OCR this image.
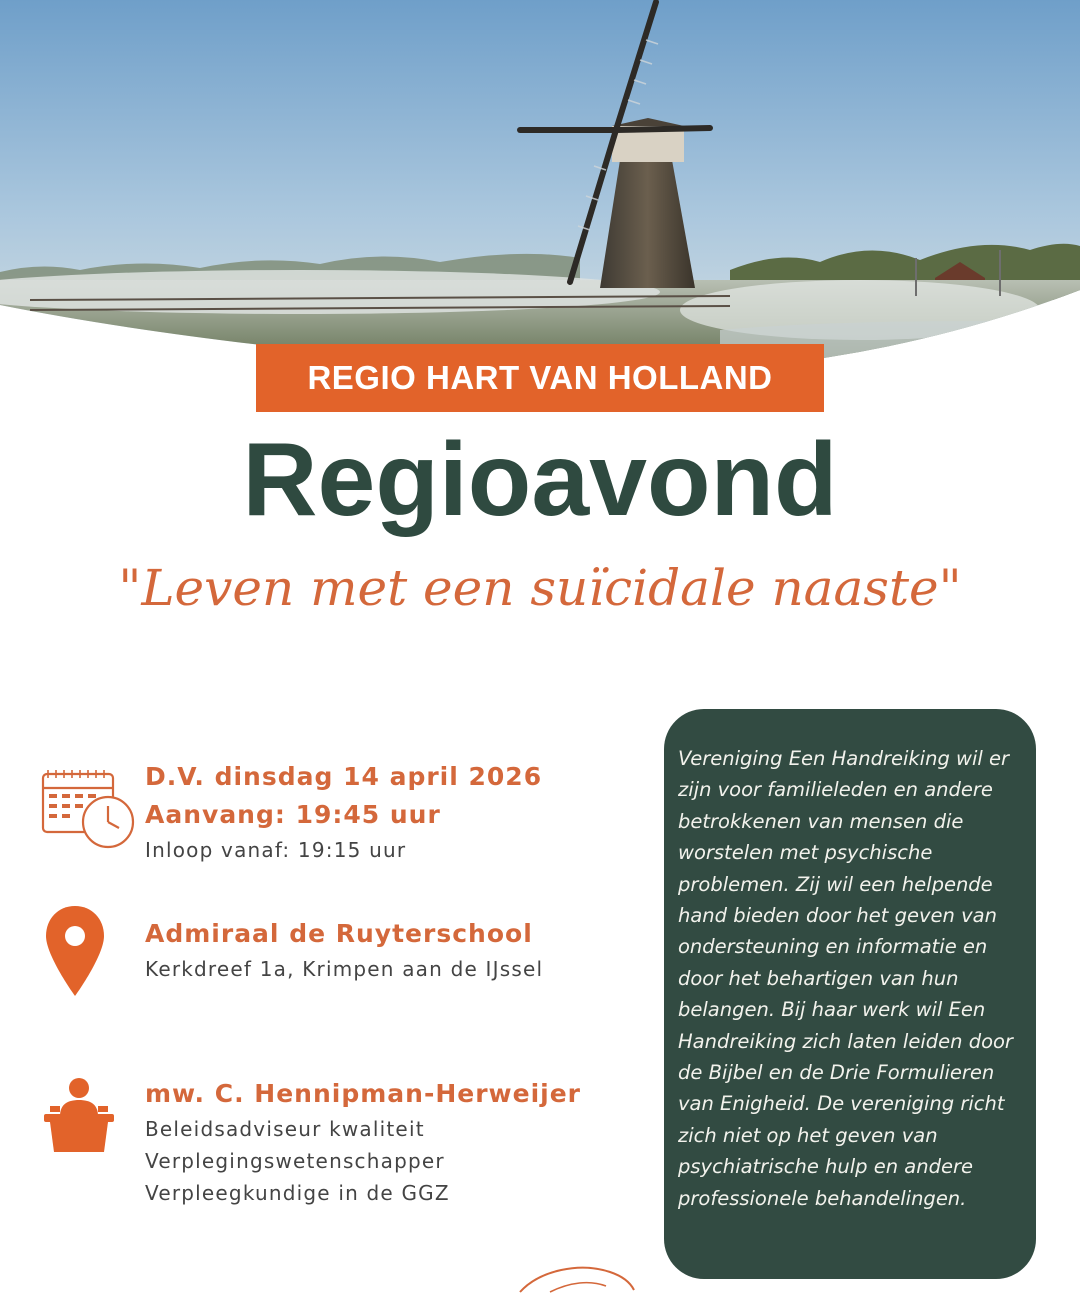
REGIO HART VAN HOLLAND
Regioavond
"Leven met een suïcidale naaste"
D.V. dinsdag 14 april 2026
Aanvang: 19:45 uur
Inloop vanaf: 19:15 uur
Admiraal de Ruyterschool
Kerkdreef 1a, Krimpen aan de IJssel
mw. C. Hennipman-Herweijer
Beleidsadviseur kwaliteit
Verplegingswetenschapper
Verpleegkundige in de GGZ

Vereniging Een Handreiking wil er zijn voor familieleden en andere betrokkenen van mensen die worstelen met psychische problemen. Zij wil een helpende hand bieden door het geven van ondersteuning en informatie en door het behartigen van hun belangen. Bij haar werk wil Een Handreiking zich laten leiden door de Bijbel en de Drie Formulieren van Enigheid. De vereniging richt zich niet op het geven van psychiatrische hulp en andere professionele behandelingen.
